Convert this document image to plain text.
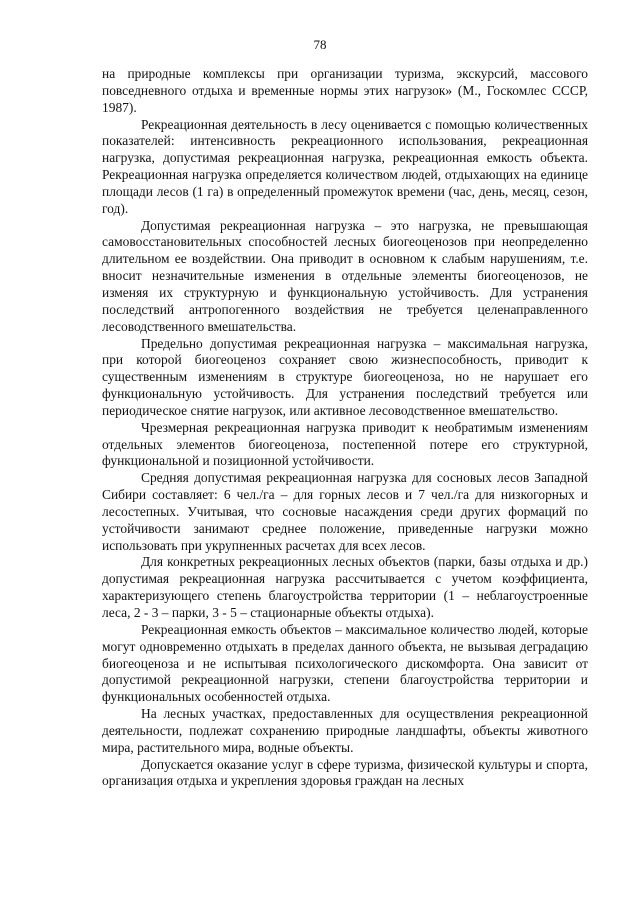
78

на природные комплексы при организации туризма, экскурсий, массового повседневного отдыха и временные нормы этих нагрузок» (М., Госкомлес СССР, 1987).

Рекреационная деятельность в лесу оценивается с помощью количественных показателей: интенсивность рекреационного использования, рекреационная нагрузка, допустимая рекреационная нагрузка, рекреационная емкость объекта. Рекреационная нагрузка определяется количеством людей, отдыхающих на единице площади лесов (1 га) в определенный промежуток времени (час, день, месяц, сезон, год).

Допустимая рекреационная нагрузка – это нагрузка, не превышающая самовосстановительных способностей лесных биогеоценозов при неопределенно длительном ее воздействии. Она приводит в основном к слабым нарушениям, т.е. вносит незначительные изменения в отдельные элементы биогеоценозов, не изменяя их структурную и функциональную устойчивость. Для устранения последствий антропогенного воздействия не требуется целенаправленного лесоводственного вмешательства.

Предельно допустимая рекреационная нагрузка – максимальная нагрузка, при которой биогеоценоз сохраняет свою жизнеспособность, приводит к существенным изменениям в структуре биогеоценоза, но не нарушает его функциональную устойчивость. Для устранения последствий требуется или периодическое снятие нагрузок, или активное лесоводственное вмешательство.

Чрезмерная рекреационная нагрузка приводит к необратимым изменениям отдельных элементов биогеоценоза, постепенной потере его структурной, функциональной и позиционной устойчивости.

Средняя допустимая рекреационная нагрузка для сосновых лесов Западной Сибири составляет: 6 чел./га – для горных лесов и 7 чел./га для низкогорных и лесостепных. Учитывая, что сосновые насаждения среди других формаций по устойчивости занимают среднее положение, приведенные нагрузки можно использовать при укрупненных расчетах для всех лесов.

Для конкретных рекреационных лесных объектов (парки, базы отдыха и др.) допустимая рекреационная нагрузка рассчитывается с учетом коэффициента, характеризующего степень благоустройства территории (1 – неблагоустроенные леса, 2 - 3 – парки, 3 - 5 – стационарные объекты отдыха).

Рекреационная емкость объектов – максимальное количество людей, которые могут одновременно отдыхать в пределах данного объекта, не вызывая деградацию биогеоценоза и не испытывая психологического дискомфорта. Она зависит от допустимой рекреационной нагрузки, степени благоустройства территории и функциональных особенностей отдыха.

На лесных участках, предоставленных для осуществления рекреационной деятельности, подлежат сохранению природные ландшафты, объекты животного мира, растительного мира, водные объекты.

Допускается оказание услуг в сфере туризма, физической культуры и спорта, организация отдыха и укрепления здоровья граждан на лесных
